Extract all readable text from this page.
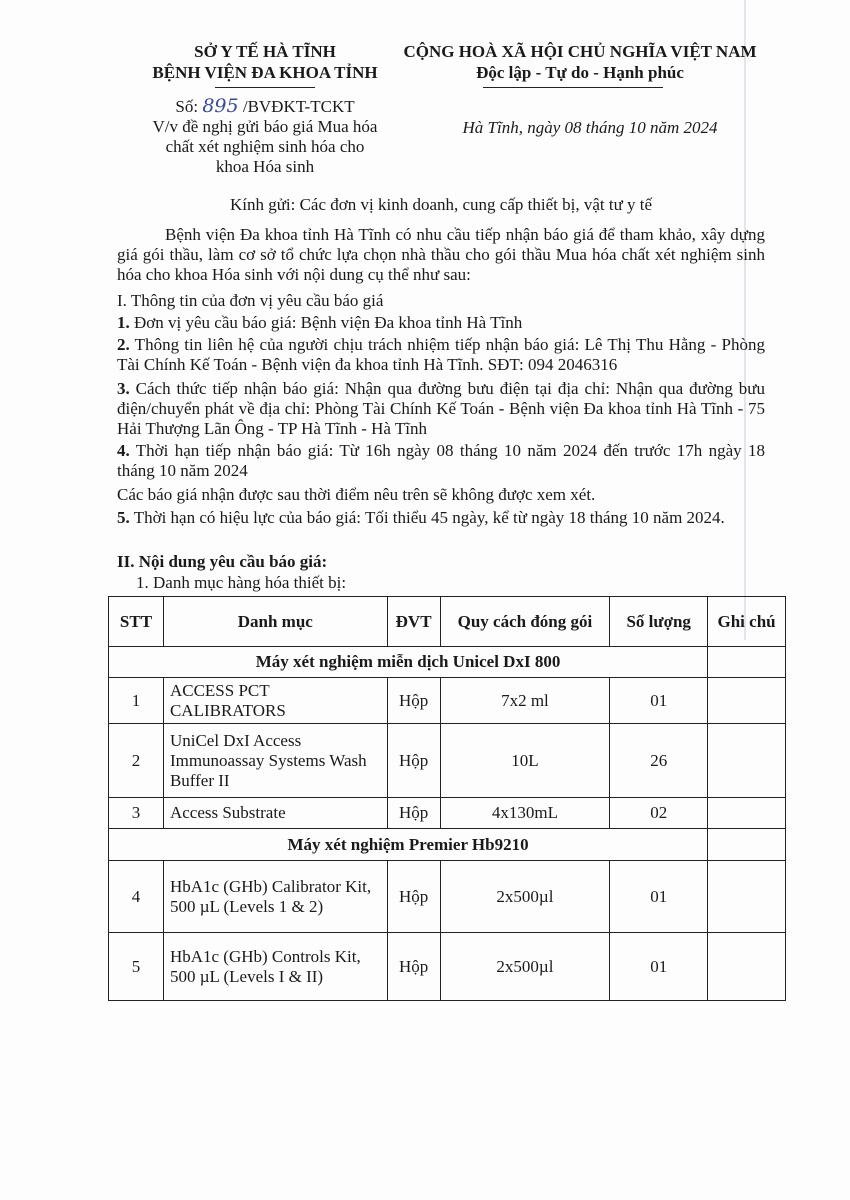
SỞ Y TẾ HÀ TĨNH
BỆNH VIỆN ĐA KHOA TỈNH
CỘNG HOÀ XÃ HỘI CHỦ NGHĨA VIỆT NAM
Độc lập - Tự do - Hạnh phúc
Số: 895 /BVĐKT-TCKT
V/v đề nghị gửi báo giá Mua hóa
chất xét nghiệm sinh hóa cho
khoa Hóa sinh
Hà Tĩnh, ngày 08 tháng 10 năm 2024
Kính gửi: Các đơn vị kinh doanh, cung cấp thiết bị, vật tư y tế
Bệnh viện Đa khoa tỉnh Hà Tĩnh có nhu cầu tiếp nhận báo giá để tham khảo, xây dựng giá gói thầu, làm cơ sở tổ chức lựa chọn nhà thầu cho gói thầu Mua hóa chất xét nghiệm sinh hóa cho khoa Hóa sinh với nội dung cụ thể như sau:
I. Thông tin của đơn vị yêu cầu báo giá
1. Đơn vị yêu cầu báo giá: Bệnh viện Đa khoa tỉnh Hà Tĩnh
2. Thông tin liên hệ của người chịu trách nhiệm tiếp nhận báo giá: Lê Thị Thu Hằng - Phòng Tài Chính Kế Toán - Bệnh viện đa khoa tỉnh Hà Tĩnh. SĐT: 094 2046316
3. Cách thức tiếp nhận báo giá: Nhận qua đường bưu điện tại địa chỉ: Nhận qua đường bưu điện/chuyển phát về địa chỉ: Phòng Tài Chính Kế Toán - Bệnh viện Đa khoa tỉnh Hà Tĩnh - 75 Hải Thượng Lãn Ông - TP Hà Tĩnh - Hà Tĩnh
4. Thời hạn tiếp nhận báo giá: Từ 16h ngày 08 tháng 10 năm 2024 đến trước 17h ngày 18 tháng 10 năm 2024
Các báo giá nhận được sau thời điểm nêu trên sẽ không được xem xét.
5. Thời hạn có hiệu lực của báo giá: Tối thiểu 45 ngày, kể từ ngày 18 tháng 10 năm 2024.
II. Nội dung yêu cầu báo giá:
1. Danh mục hàng hóa thiết bị:
STT	Danh mục	ĐVT	Quy cách đóng gói	Số lượng	Ghi chú
Máy xét nghiệm miễn dịch Unicel DxI 800					
1	ACCESS PCT CALIBRATORS	Hộp	7x2 ml	01	
2	UniCel DxI Access Immunoassay Systems Wash Buffer II	Hộp	10L	26	
3	Access Substrate	Hộp	4x130mL	02	
Máy xét nghiệm Premier Hb9210					
4	HbA1c (GHb) Calibrator Kit, 500 µL (Levels 1 & 2)	Hộp	2x500µl	01	
5	HbA1c (GHb) Controls Kit, 500 µL (Levels I & II)	Hộp	2x500µl	01	
